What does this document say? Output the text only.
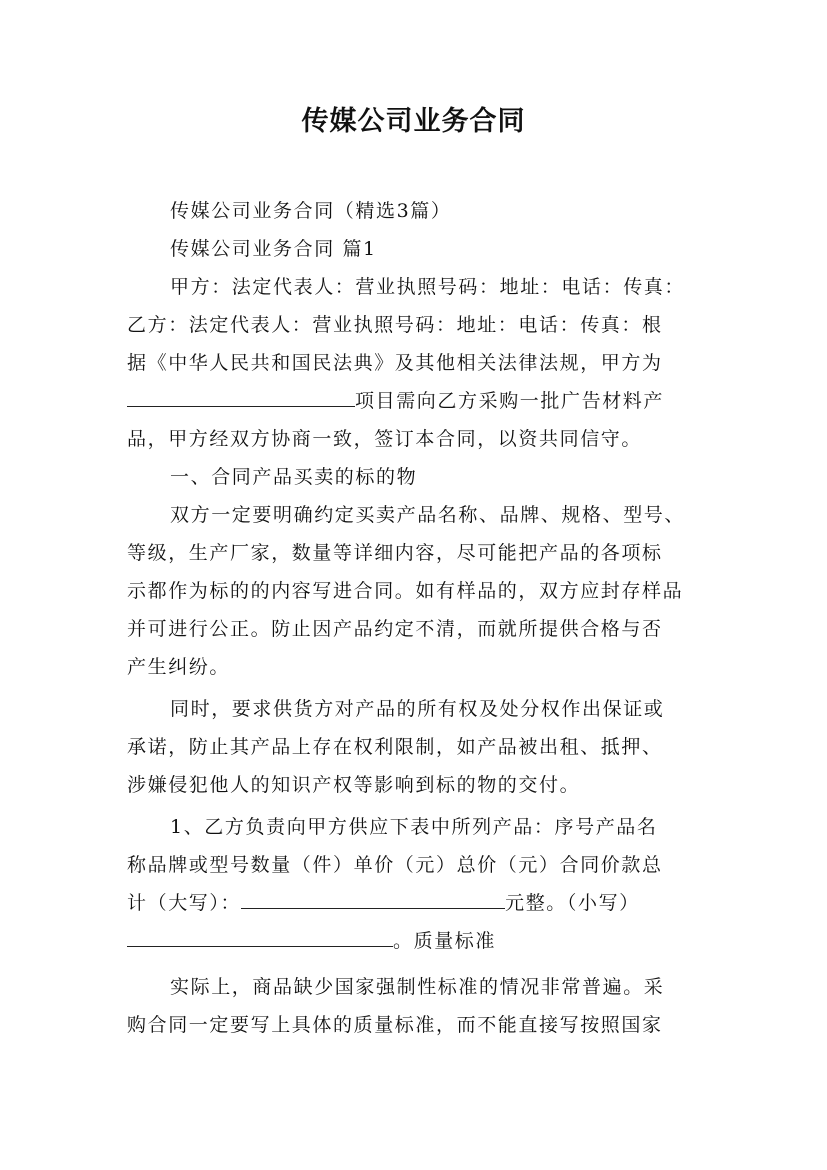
传媒公司业务合同
传媒公司业务合同（精选3篇）
传媒公司业务合同 篇1
甲方：法定代表人：营业执照号码：地址：电话：传真：
乙方：法定代表人：营业执照号码：地址：电话：传真：根
据《中华人民共和国民法典》及其他相关法律法规，甲方为
项目需向乙方采购一批广告材料产
品，甲方经双方协商一致，签订本合同，以资共同信守。
一、合同产品买卖的标的物
双方一定要明确约定买卖产品名称、品牌、规格、型号、
等级，生产厂家，数量等详细内容，尽可能把产品的各项标
示都作为标的的内容写进合同。如有样品的，双方应封存样品
并可进行公正。防止因产品约定不清，而就所提供合格与否
产生纠纷。
同时，要求供货方对产品的所有权及处分权作出保证或
承诺，防止其产品上存在权利限制，如产品被出租、抵押、
涉嫌侵犯他人的知识产权等影响到标的物的交付。
1、乙方负责向甲方供应下表中所列产品：序号产品名
称品牌或型号数量（件）单价（元）总价（元）合同价款总
计（大写）：	元整。（小写）
。质量标准
实际上，商品缺少国家强制性标准的情况非常普遍。采
购合同一定要写上具体的质量标准，而不能直接写按照国家
